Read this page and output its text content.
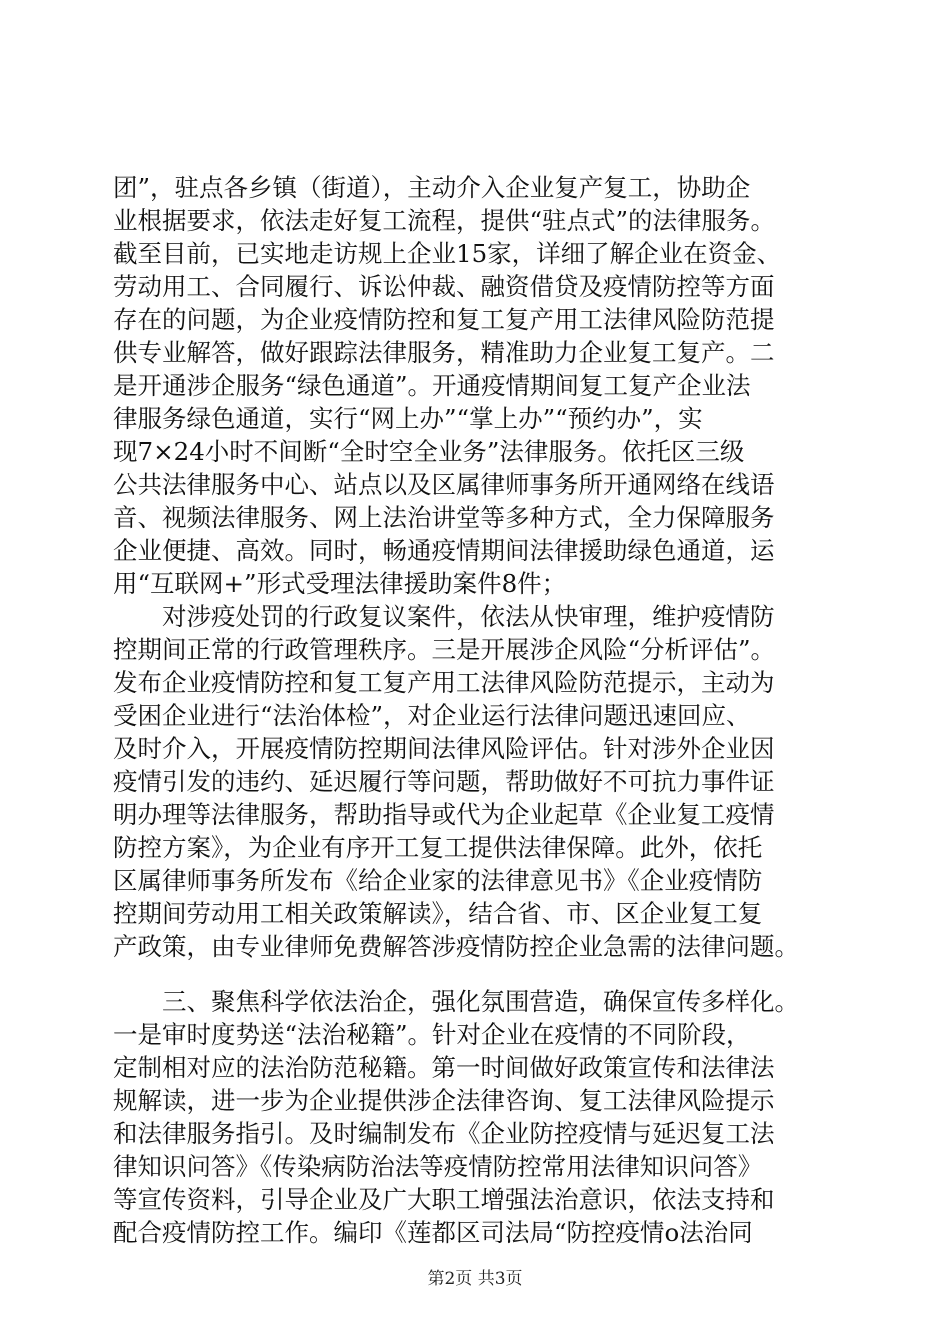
团”，驻点各乡镇（街道），主动介入企业复产复工，协助企
业根据要求，依法走好复工流程，提供“驻点式”的法律服务。
截至目前，已实地走访规上企业15家，详细了解企业在资金、
劳动用工、合同履行、诉讼仲裁、融资借贷及疫情防控等方面
存在的问题，为企业疫情防控和复工复产用工法律风险防范提
供专业解答，做好跟踪法律服务，精准助力企业复工复产。二
是开通涉企服务“绿色通道”。开通疫情期间复工复产企业法
律服务绿色通道，实行“网上办”“掌上办”“预约办”，实
现7×24小时不间断“全时空全业务”法律服务。依托区三级
公共法律服务中心、站点以及区属律师事务所开通网络在线语
音、视频法律服务、网上法治讲堂等多种方式，全力保障服务
企业便捷、高效。同时，畅通疫情期间法律援助绿色通道，运
用“互联网+”形式受理法律援助案件8件；
对涉疫处罚的行政复议案件，依法从快审理，维护疫情防
控期间正常的行政管理秩序。三是开展涉企风险“分析评估”。
发布企业疫情防控和复工复产用工法律风险防范提示，主动为
受困企业进行“法治体检”，对企业运行法律问题迅速回应、
及时介入，开展疫情防控期间法律风险评估。针对涉外企业因
疫情引发的违约、延迟履行等问题，帮助做好不可抗力事件证
明办理等法律服务，帮助指导或代为企业起草《企业复工疫情
防控方案》，为企业有序开工复工提供法律保障。此外，依托
区属律师事务所发布《给企业家的法律意见书》《企业疫情防
控期间劳动用工相关政策解读》，结合省、市、区企业复工复
产政策，由专业律师免费解答涉疫情防控企业急需的法律问题。
三、聚焦科学依法治企，强化氛围营造，确保宣传多样化。
一是审时度势送“法治秘籍”。针对企业在疫情的不同阶段，
定制相对应的法治防范秘籍。第一时间做好政策宣传和法律法
规解读，进一步为企业提供涉企法律咨询、复工法律风险提示
和法律服务指引。及时编制发布《企业防控疫情与延迟复工法
律知识问答》《传染病防治法等疫情防控常用法律知识问答》
等宣传资料，引导企业及广大职工增强法治意识，依法支持和
配合疫情防控工作。编印《莲都区司法局“防控疫情o法治同
第2页 共3页
